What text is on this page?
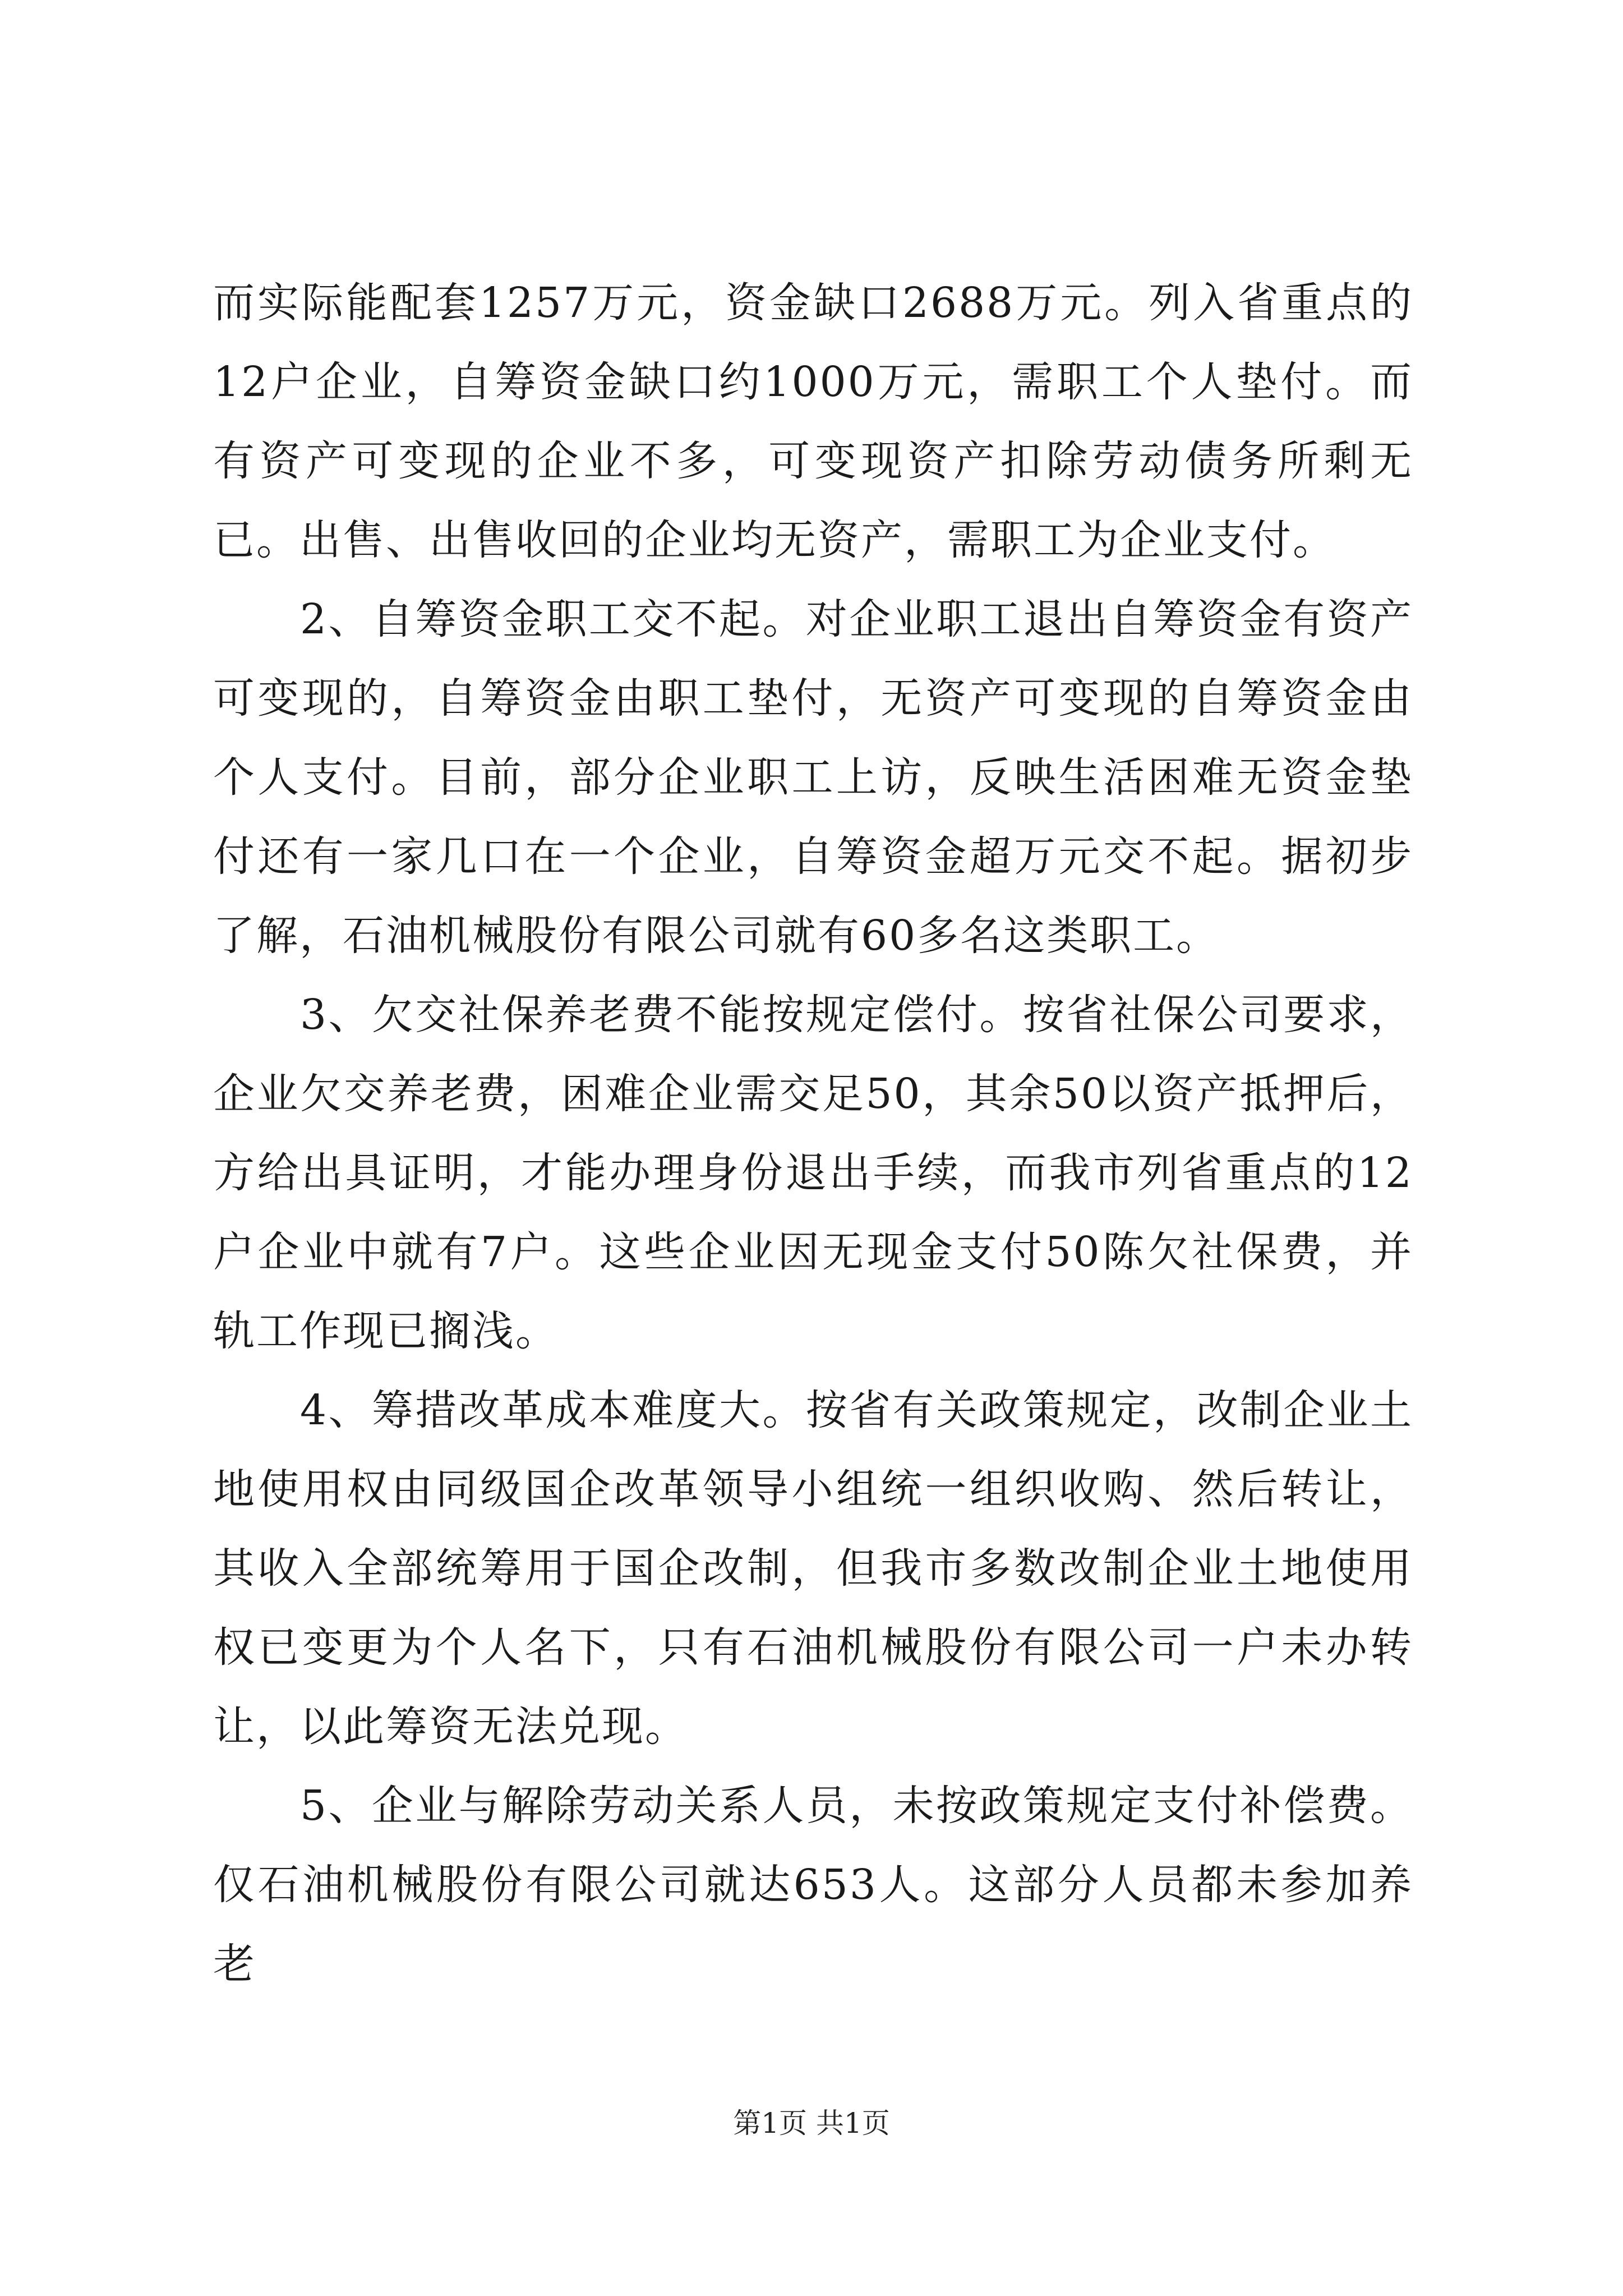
而实际能配套1257万元，资金缺口2688万元。列入省重点的12户企业，自筹资金缺口约1000万元，需职工个人垫付。而有资产可变现的企业不多，可变现资产扣除劳动债务所剩无已。出售、出售收回的企业均无资产，需职工为企业支付。

2、自筹资金职工交不起。对企业职工退出自筹资金有资产可变现的，自筹资金由职工垫付，无资产可变现的自筹资金由个人支付。目前，部分企业职工上访，反映生活困难无资金垫付还有一家几口在一个企业，自筹资金超万元交不起。据初步了解，石油机械股份有限公司就有60多名这类职工。

3、欠交社保养老费不能按规定偿付。按省社保公司要求，企业欠交养老费，困难企业需交足50，其余50以资产抵押后，方给出具证明，才能办理身份退出手续，而我市列省重点的12户企业中就有7户。这些企业因无现金支付50陈欠社保费，并轨工作现已搁浅。

4、筹措改革成本难度大。按省有关政策规定，改制企业土地使用权由同级国企改革领导小组统一组织收购、然后转让，其收入全部统筹用于国企改制，但我市多数改制企业土地使用权已变更为个人名下，只有石油机械股份有限公司一户未办转让，以此筹资无法兑现。

5、企业与解除劳动关系人员，未按政策规定支付补偿费。仅石油机械股份有限公司就达653人。这部分人员都未参加养老

第1页 共1页
